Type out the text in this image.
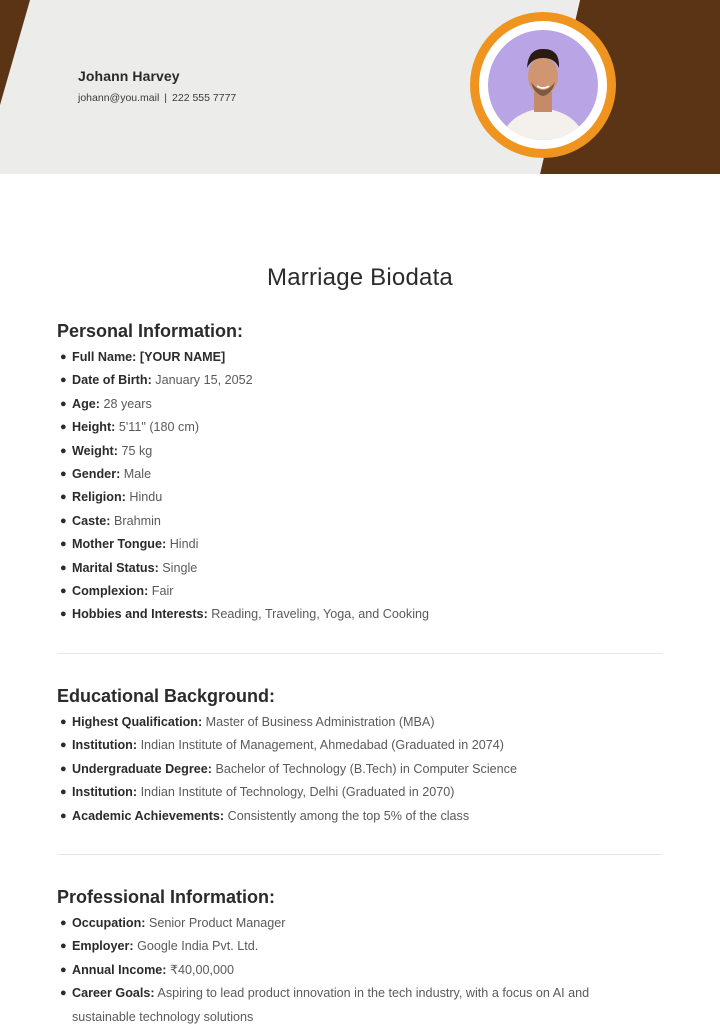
Johann Harvey
johann@you.mail | 222 555 7777
Marriage Biodata
Personal Information:
● Full Name: [YOUR NAME]
● Date of Birth: January 15, 2052
● Age: 28 years
● Height: 5'11" (180 cm)
● Weight: 75 kg
● Gender: Male
● Religion: Hindu
● Caste: Brahmin
● Mother Tongue: Hindi
● Marital Status: Single
● Complexion: Fair
● Hobbies and Interests: Reading, Traveling, Yoga, and Cooking
Educational Background:
● Highest Qualification: Master of Business Administration (MBA)
● Institution: Indian Institute of Management, Ahmedabad (Graduated in 2074)
● Undergraduate Degree: Bachelor of Technology (B.Tech) in Computer Science
● Institution: Indian Institute of Technology, Delhi (Graduated in 2070)
● Academic Achievements: Consistently among the top 5% of the class
Professional Information:
● Occupation: Senior Product Manager
● Employer: Google India Pvt. Ltd.
● Annual Income: ₹40,00,000
● Career Goals: Aspiring to lead product innovation in the tech industry, with a focus on AI and sustainable technology solutions
